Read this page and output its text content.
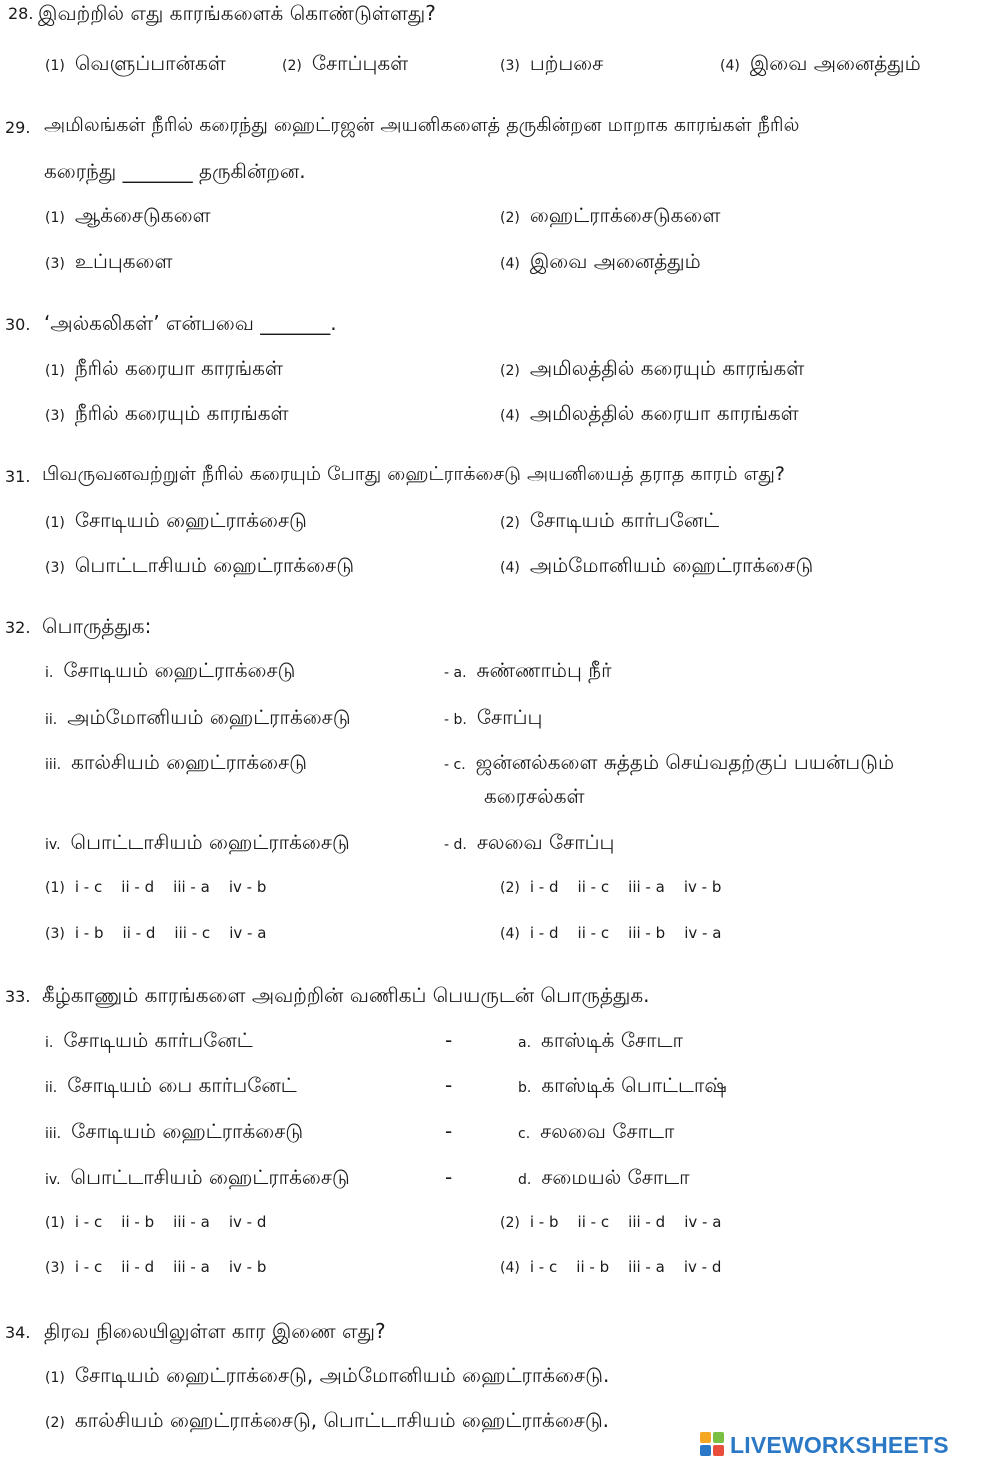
28. இவற்றில் எது காரங்களைக் கொண்டுள்ளது?
(1) வெளுப்பான்கள்	(2) சோப்புகள்	(3) பற்பசை	(4) இவை அனைத்தும்
29. அமிலங்கள் நீரில் கரைந்து ஹைட்ரஜன் அயனிகளைத் தருகின்றன மாறாக காரங்கள் நீரில்
கரைந்து _______ தருகின்றன.
(1) ஆக்சைடுகளை	(2) ஹைட்ராக்சைடுகளை
(3) உப்புகளை	(4) இவை அனைத்தும்
30. ‘அல்கலிகள்’ என்பவை _______.
(1) நீரில் கரையா காரங்கள்	(2) அமிலத்தில் கரையும் காரங்கள்
(3) நீரில் கரையும் காரங்கள்	(4) அமிலத்தில் கரையா காரங்கள்
31. பிவருவனவற்றுள் நீரில் கரையும் போது ஹைட்ராக்சைடு அயனியைத் தராத காரம் எது?
(1) சோடியம் ஹைட்ராக்சைடு	(2) சோடியம் கார்பனேட்
(3) பொட்டாசியம் ஹைட்ராக்சைடு	(4) அம்மோனியம் ஹைட்ராக்சைடு
32. பொருத்துக:
i. சோடியம் ஹைட்ராக்சைடு	- a. சுண்ணாம்பு நீர்
ii. அம்மோனியம் ஹைட்ராக்சைடு	- b. சோப்பு
iii. கால்சியம் ஹைட்ராக்சைடு	- c. ஜன்னல்களை சுத்தம் செய்வதற்குப் பயன்படும்
கரைசல்கள்
iv. பொட்டாசியம் ஹைட்ராக்சைடு	- d. சலவை சோப்பு
(1) i - c    ii - d    iii - a    iv - b	(2) i - d    ii - c    iii - a    iv - b
(3) i - b    ii - d    iii - c    iv - a	(4) i - d    ii - c    iii - b    iv - a
33. கீழ்காணும் காரங்களை அவற்றின் வணிகப் பெயருடன் பொருத்துக.
i. சோடியம் கார்பனேட்	-	a. காஸ்டிக் சோடா
ii. சோடியம் பை கார்பனேட்	-	b. காஸ்டிக் பொட்டாஷ்
iii. சோடியம் ஹைட்ராக்சைடு	-	c. சலவை சோடா
iv. பொட்டாசியம் ஹைட்ராக்சைடு	-	d. சமையல் சோடா
(1) i - c    ii - b    iii - a    iv - d	(2) i - b    ii - c    iii - d    iv - a
(3) i - c    ii - d    iii - a    iv - b	(4) i - c    ii - b    iii - a    iv - d
34. திரவ நிலையிலுள்ள கார இணை எது?
(1) சோடியம் ஹைட்ராக்சைடு, அம்மோனியம் ஹைட்ராக்சைடு.
(2) கால்சியம் ஹைட்ராக்சைடு, பொட்டாசியம் ஹைட்ராக்சைடு.
LIVEWORKSHEETS
